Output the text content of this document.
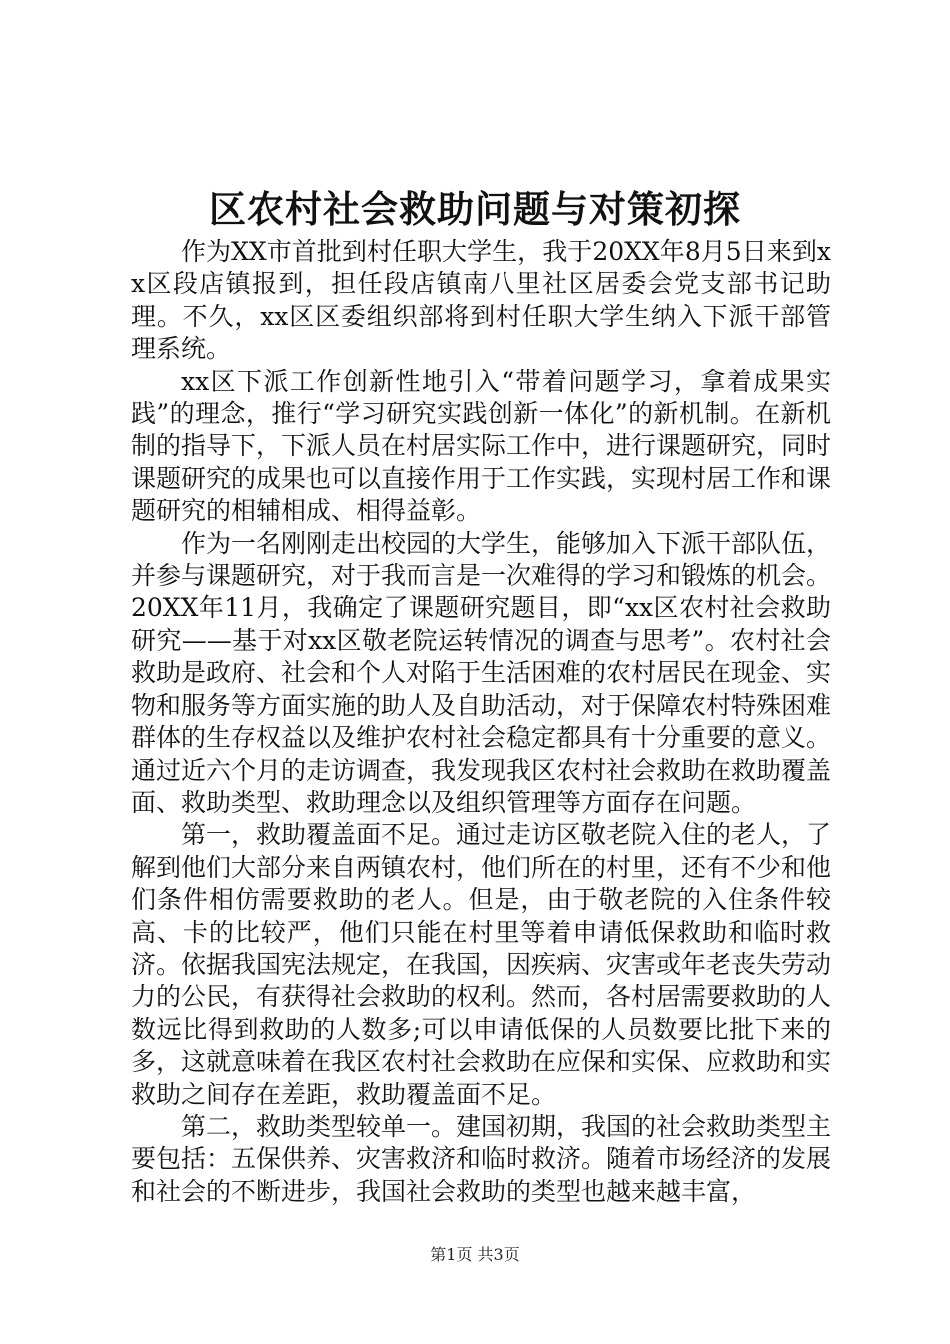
区农村社会救助问题与对策初探

作为XX市首批到村任职大学生，我于20XX年8月5日来到xx区段店镇报到，担任段店镇南八里社区居委会党支部书记助理。不久，xx区区委组织部将到村任职大学生纳入下派干部管理系统。

xx区下派工作创新性地引入“带着问题学习，拿着成果实践”的理念，推行“学习研究实践创新一体化”的新机制。在新机制的指导下，下派人员在村居实际工作中，进行课题研究，同时课题研究的成果也可以直接作用于工作实践，实现村居工作和课题研究的相辅相成、相得益彰。

作为一名刚刚走出校园的大学生，能够加入下派干部队伍，并参与课题研究，对于我而言是一次难得的学习和锻炼的机会。20XX年11月，我确定了课题研究题目，即“xx区农村社会救助研究——基于对xx区敬老院运转情况的调查与思考”。农村社会救助是政府、社会和个人对陷于生活困难的农村居民在现金、实物和服务等方面实施的助人及自助活动，对于保障农村特殊困难群体的生存权益以及维护农村社会稳定都具有十分重要的意义。通过近六个月的走访调查，我发现我区农村社会救助在救助覆盖面、救助类型、救助理念以及组织管理等方面存在问题。

第一，救助覆盖面不足。通过走访区敬老院入住的老人，了解到他们大部分来自两镇农村，他们所在的村里，还有不少和他们条件相仿需要救助的老人。但是，由于敬老院的入住条件较高、卡的比较严，他们只能在村里等着申请低保救助和临时救济。依据我国宪法规定，在我国，因疾病、灾害或年老丧失劳动力的公民，有获得社会救助的权利。然而，各村居需要救助的人数远比得到救助的人数多;可以申请低保的人员数要比批下来的多，这就意味着在我区农村社会救助在应保和实保、应救助和实救助之间存在差距，救助覆盖面不足。

第二，救助类型较单一。建国初期，我国的社会救助类型主要包括：五保供养、灾害救济和临时救济。随着市场经济的发展和社会的不断进步，我国社会救助的类型也越来越丰富，

第1页 共3页
